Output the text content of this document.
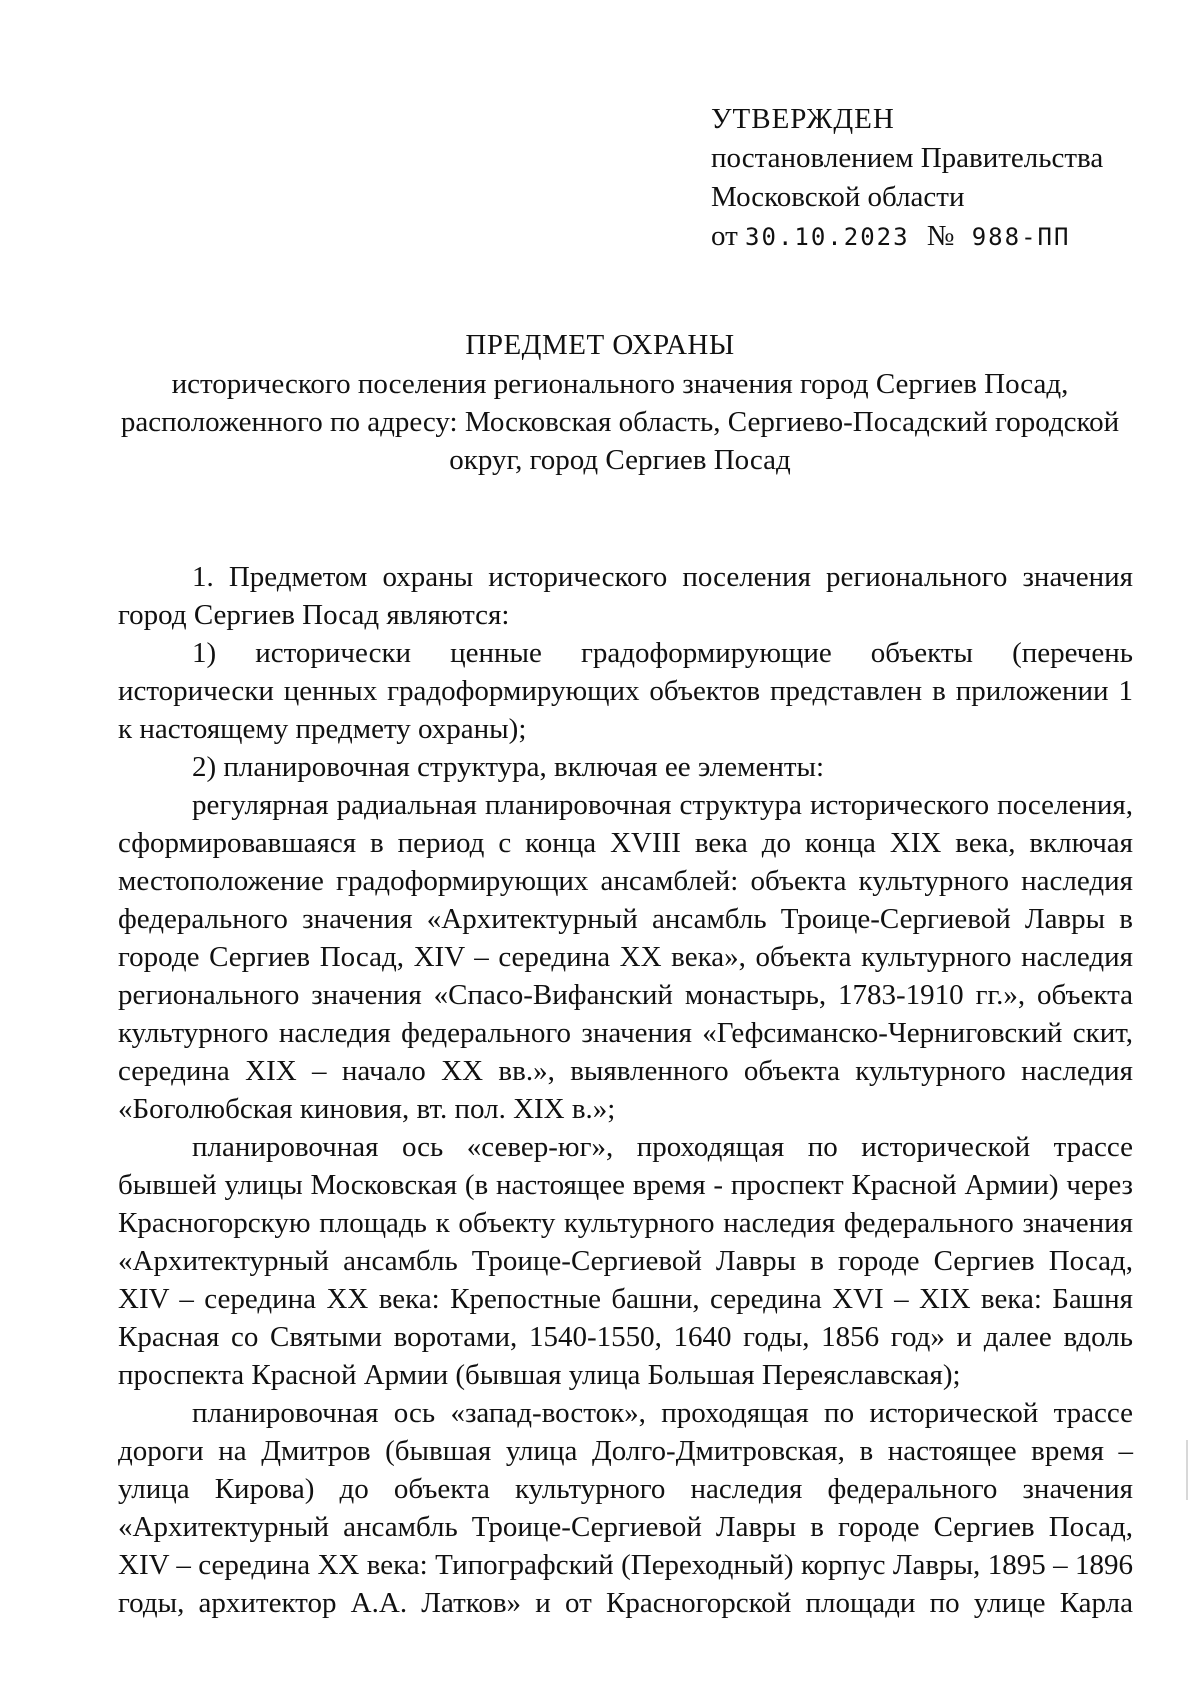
УТВЕРЖДЕН
постановлением Правительства
Московской области
от 30.10.2023 № 988-ПП
ПРЕДМЕТ ОХРАНЫ
исторического поселения регионального значения город Сергиев Посад,
расположенного по адресу: Московская область, Сергиево-Посадский городской
округ, город Сергиев Посад

1. Предметом охраны исторического поселения регионального значения город Сергиев Посад являются:

1) исторически ценные градоформирующие объекты (перечень исторически ценных градоформирующих объектов представлен в приложении 1 к настоящему предмету охраны);

2) планировочная структура, включая ее элементы:

регулярная радиальная планировочная структура исторического поселения, сформировавшаяся в период с конца XVIII века до конца XIX века, включая местоположение градоформирующих ансамблей: объекта культурного наследия федерального значения «Архитектурный ансамбль Троице-Сергиевой Лавры в городе Сергиев Посад, XIV – середина XX века», объекта культурного наследия регионального значения «Спасо-Вифанский монастырь, 1783-1910 гг.», объекта культурного наследия федерального значения «Гефсиманско-Черниговский скит, середина XIX – начало XX вв.», выявленного объекта культурного наследия «Боголюбская киновия, вт. пол. XIX в.»;

планировочная ось «север-юг», проходящая по исторической трассе бывшей улицы Московская (в настоящее время - проспект Красной Армии) через Красногорскую площадь к объекту культурного наследия федерального значения «Архитектурный ансамбль Троице-Сергиевой Лавры в городе Сергиев Посад, XIV – середина XX века: Крепостные башни, середина XVI – XIX века: Башня Красная со Святыми воротами, 1540-1550, 1640 годы, 1856 год» и далее вдоль проспекта Красной Армии (бывшая улица Большая Переяславская);

планировочная ось «запад-восток», проходящая по исторической трассе дороги на Дмитров (бывшая улица Долго-Дмитровская, в настоящее время – улица Кирова) до объекта культурного наследия федерального значения «Архитектурный ансамбль Троице-Сергиевой Лавры в городе Сергиев Посад, XIV – середина XX века: Типографский (Переходный) корпус Лавры, 1895 – 1896 годы, архитектор А.А. Латков» и от Красногорской площади по улице Карла
